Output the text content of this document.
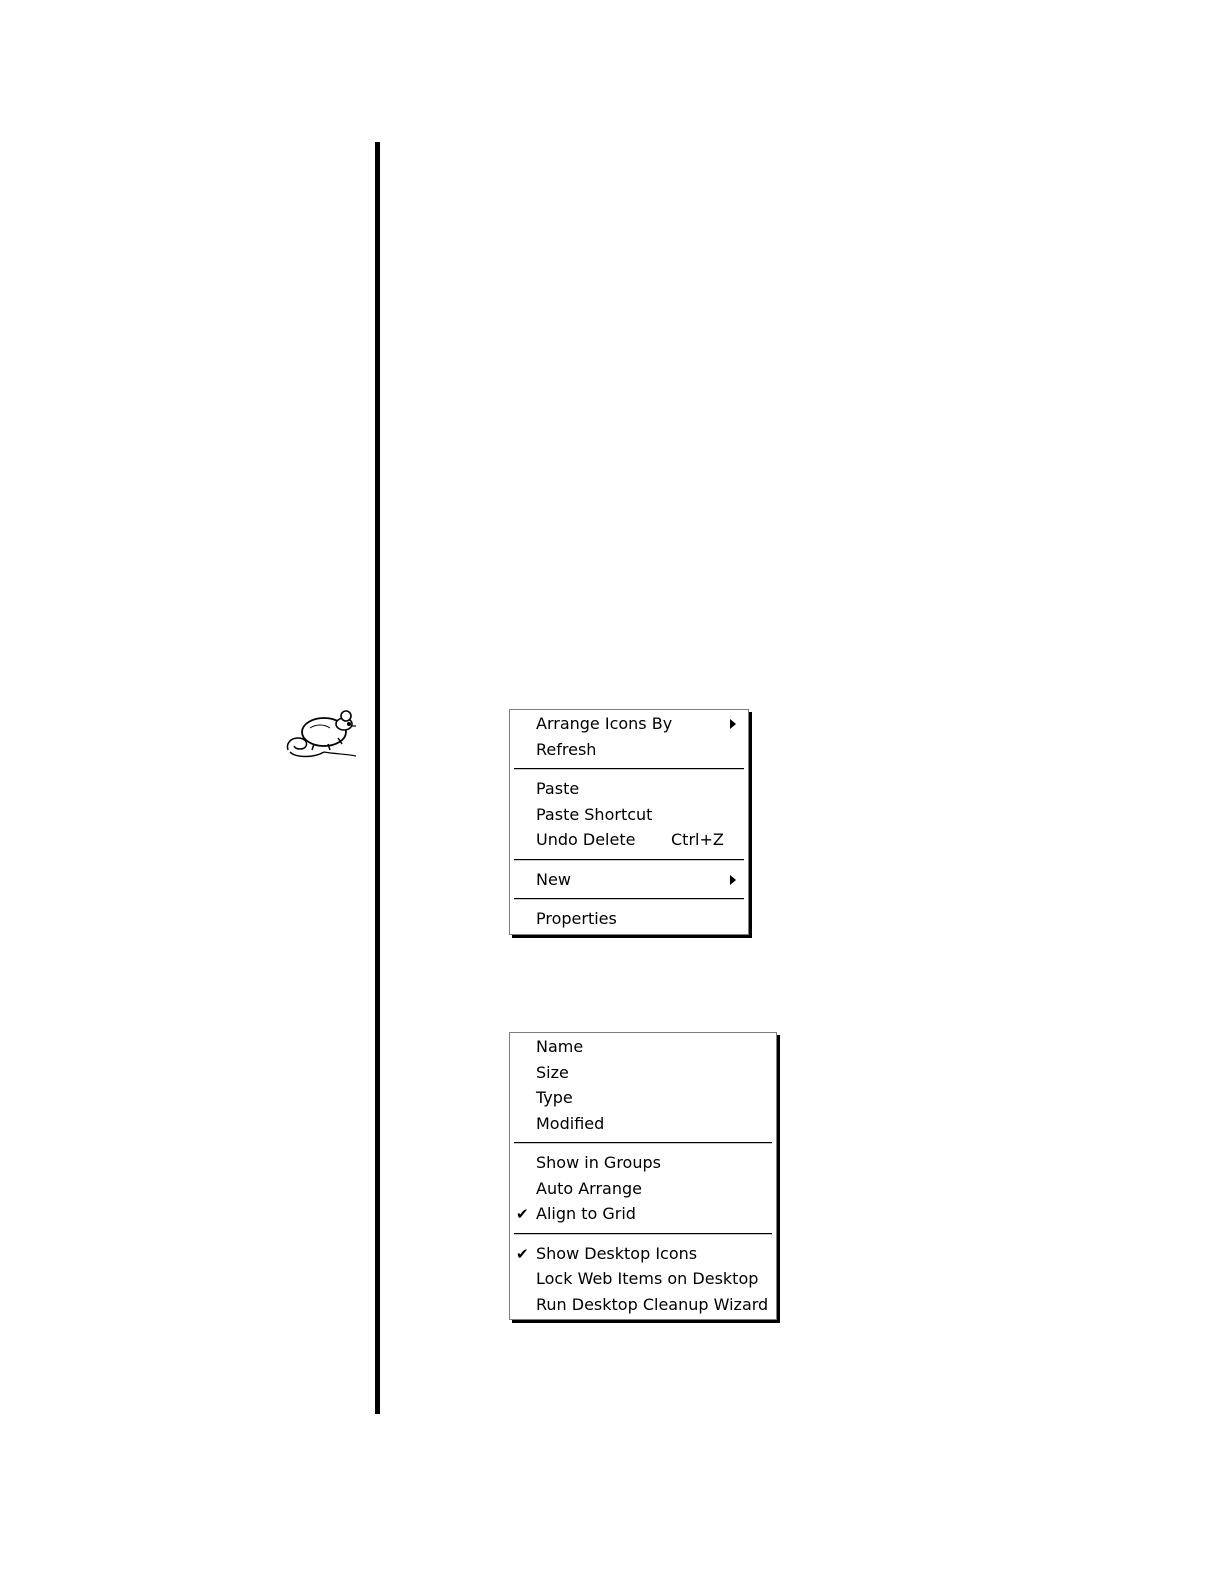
Arrange Icons By
Refresh
Paste
Paste Shortcut
Undo Delete Ctrl+Z
New
Properties
Name
Size
Type
Modified
Show in Groups
Auto Arrange
✔ Align to Grid
✔ Show Desktop Icons
Lock Web Items on Desktop
Run Desktop Cleanup Wizard
